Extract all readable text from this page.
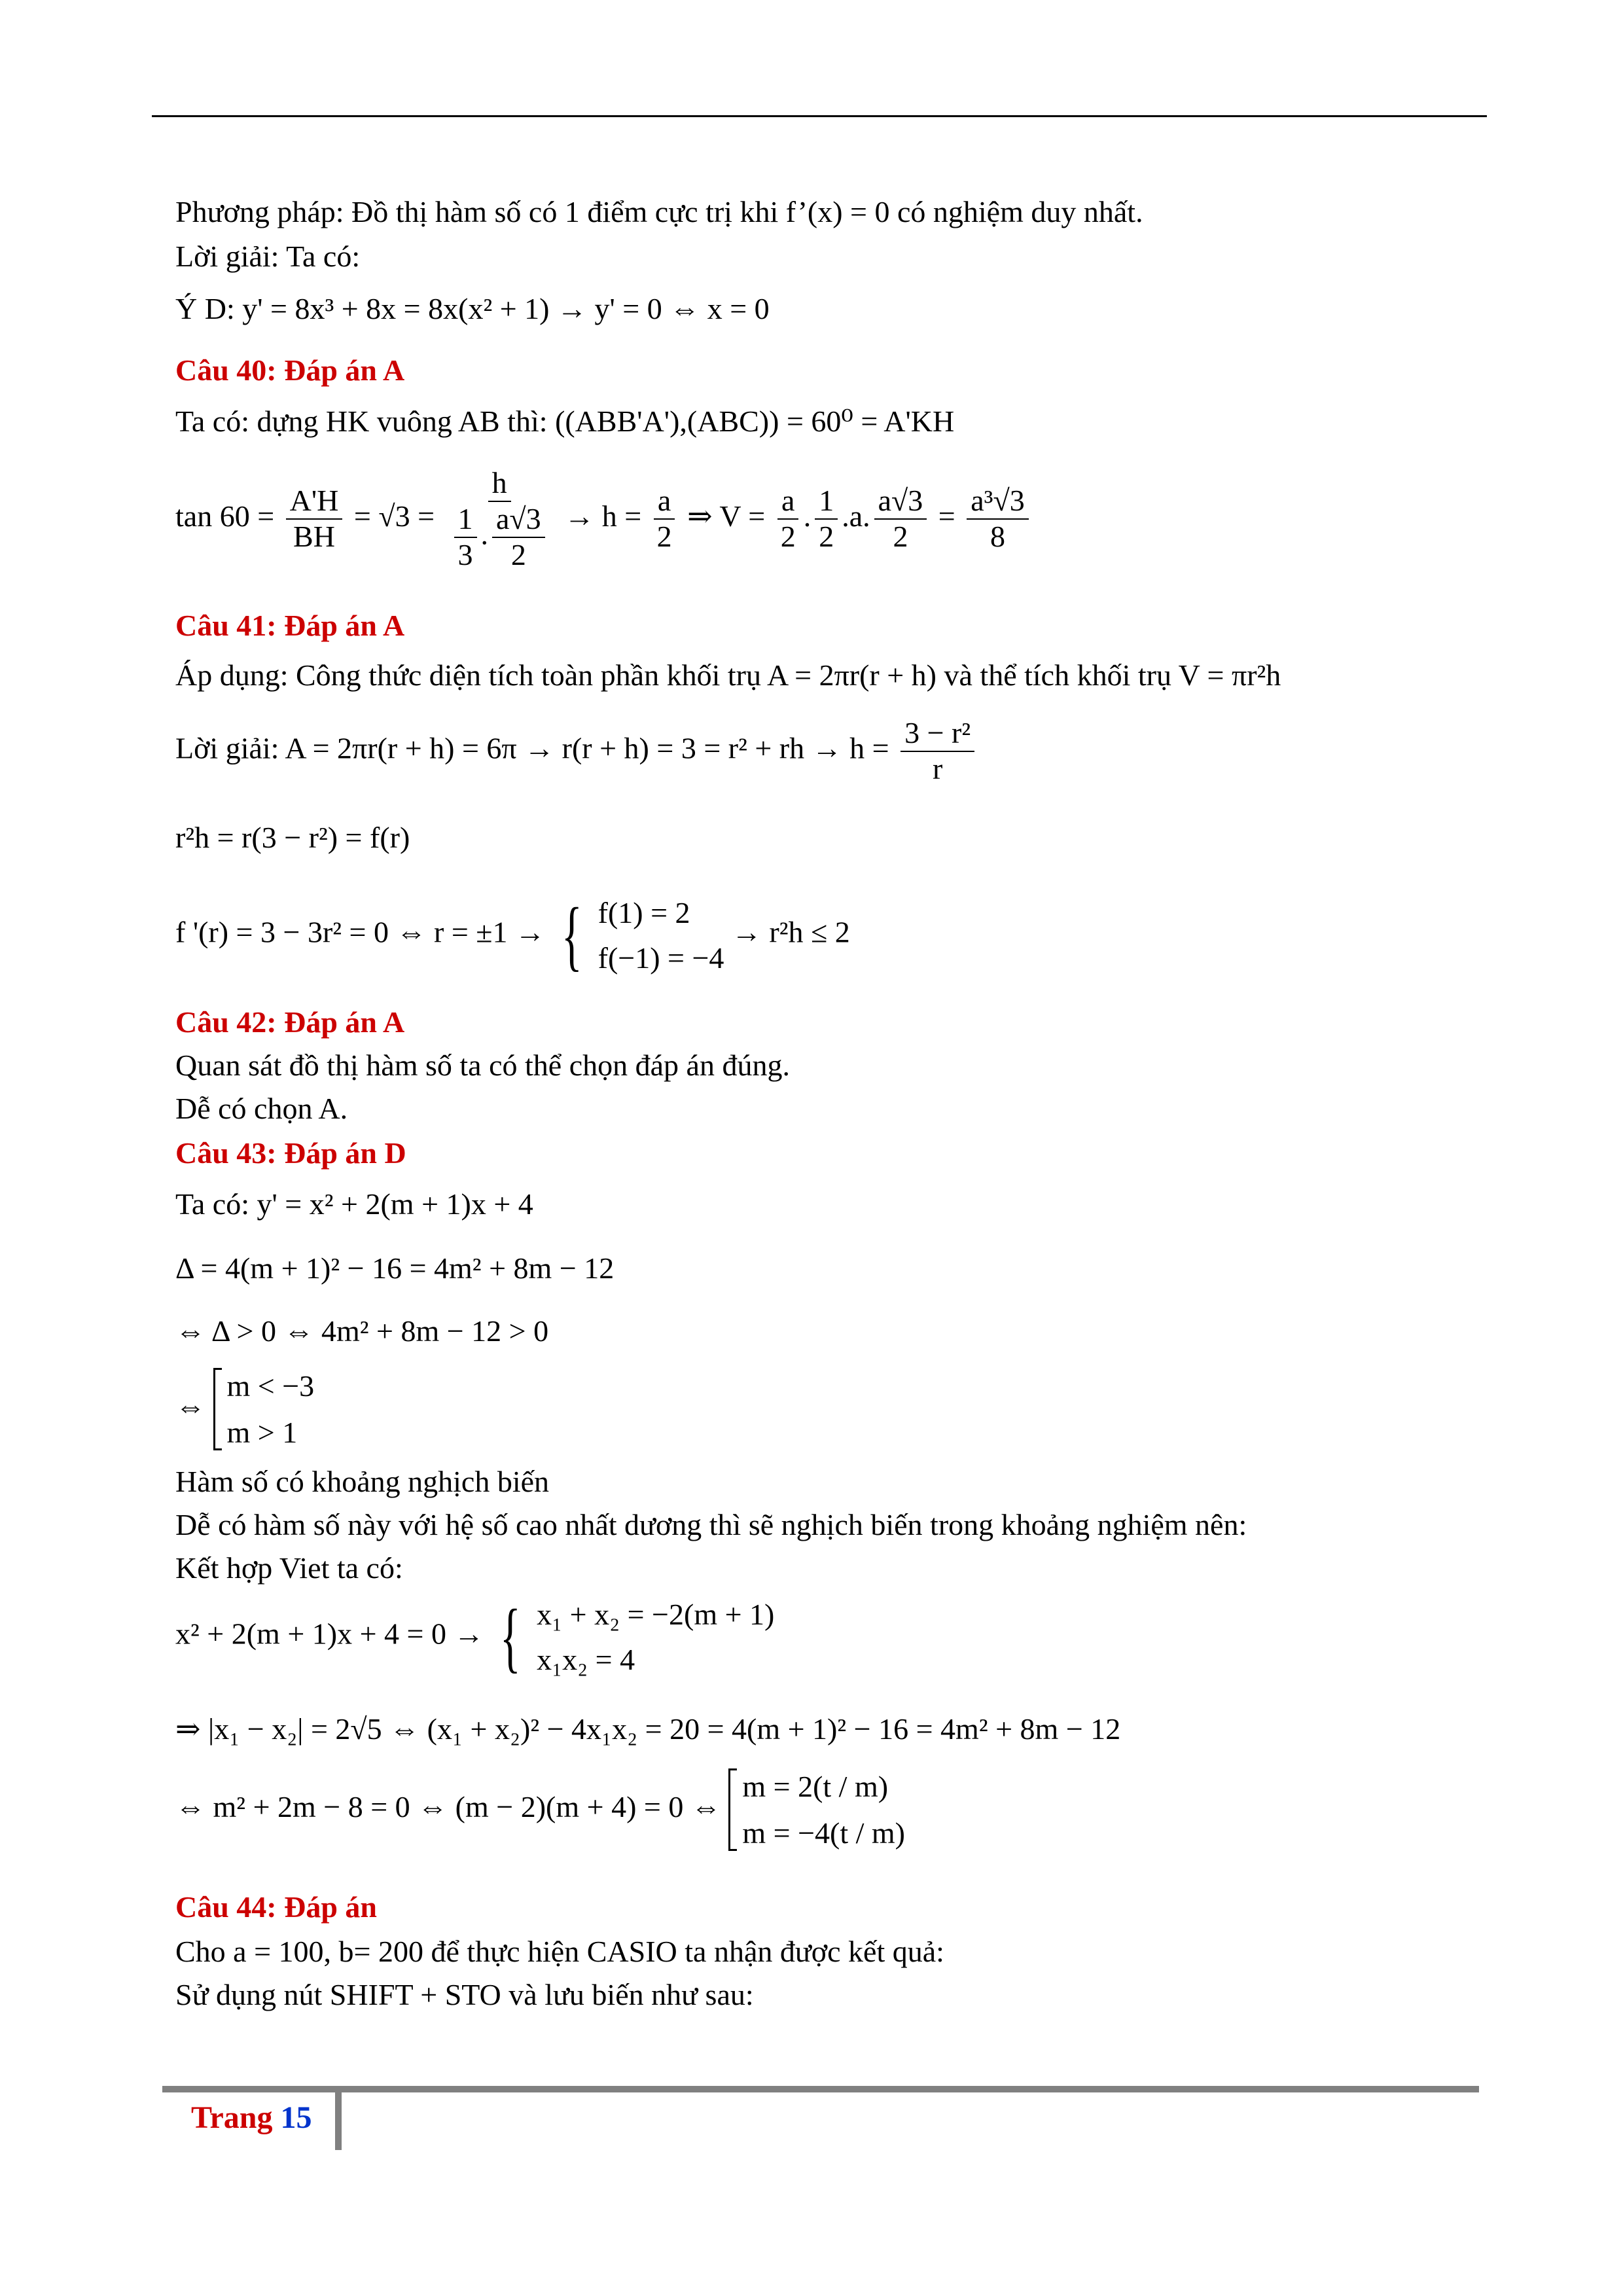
Phương pháp: Đồ thị hàm số có 1 điểm cực trị khi f’(x) = 0 có nghiệm duy nhất.
Lời giải: Ta có:
Ý D: y' = 8x³ + 8x = 8x(x² + 1) → y' = 0 ⇔ x = 0
Câu 40: Đáp án A
Ta có: dựng HK vuông AB thì: ((ABB'A'),(ABC)) = 60⁰ = A'KH
$\tan 60 = \frac{A'H}{BH} = √3 = \frac{h}{\frac{1}{3} . \frac{a√3}{2}} \to h = \frac{a}{2}$ ⇒ $V = \frac{a}{2}$ . $\frac{1}{2} .a$. $\frac{a√3}{2} = \frac{\text{a³√3}}{8}$
Câu 41: Đáp án A
Áp dụng: Công thức diện tích toàn phần khối trụ A = 2πr(r + h) và thể tích khối trụ V = πr²h
Lời giải: A = 2πr(r + h) = 6π → r(r + h) = 3 = r² + rh → $h = \frac{\text{3 − r²}}{r}$
r²h = r(3 − r²) = f(r)
f '(r) = 3 − 3r² = 0 ⇔ r = ±1 → { f(1) = 2
f(−1) = −4 → r²h ≤ 2
Câu 42: Đáp án A
Quan sát đồ thị hàm số ta có thể chọn đáp án đúng.
Dễ có chọn A.
Câu 43: Đáp án D
Ta có: y' = x² + 2(m + 1)x + 4
Δ = 4(m + 1)² − 16 = 4m² + 8m − 12
⇔ Δ > 0 ⇔ 4m² + 8m − 12 > 0
⇔ m < −3
m > 1
Hàm số có khoảng nghịch biến
Dễ có hàm số này với hệ số cao nhất dương thì sẽ nghịch biến trong khoảng nghiệm nên:
Kết hợp Viet ta có:
x² + 2(m + 1)x + 4 = 0 → { x₁ + x₂ = −2(m + 1)
x₁x₂ = 4
⇒ |x₁ − x₂| = 2√5 ⇔ (x₁ + x₂)² − 4x₁x₂ = 20 = 4(m + 1)² − 16 = 4m² + 8m − 12
⇔ m² + 2m − 8 = 0 ⇔ (m − 2)(m + 4) = 0 ⇔ m = 2(t / m)
m = −4(t / m)
Câu 44: Đáp án
Cho a = 100, b= 200 để thực hiện CASIO ta nhận được kết quả:
Sử dụng nút SHIFT + STO và lưu biến như sau:
Trang 15
